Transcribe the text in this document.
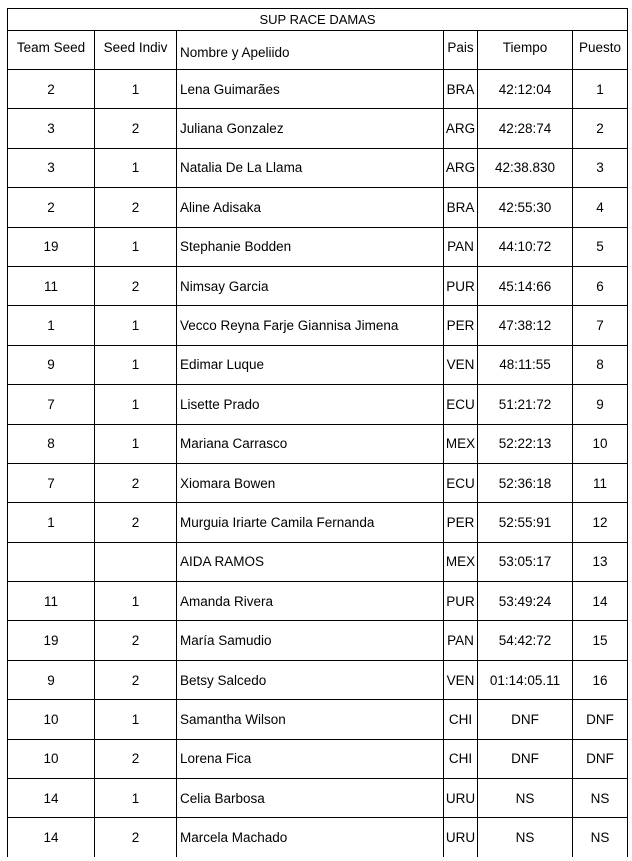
SUP RACE DAMAS					
Team Seed	Seed Indiv	Nombre y Apeliido	Pais	Tiempo	Puesto
2	1	Lena Guimarães	BRA	42:12:04	1
3	2	Juliana Gonzalez	ARG	42:28:74	2
3	1	Natalia De La Llama	ARG	42:38.830	3
2	2	Aline Adisaka	BRA	42:55:30	4
19	1	Stephanie Bodden	PAN	44:10:72	5
11	2	Nimsay Garcia	PUR	45:14:66	6
1	1	Vecco Reyna Farje Giannisa Jimena	PER	47:38:12	7
9	1	Edimar Luque	VEN	48:11:55	8
7	1	Lisette Prado	ECU	51:21:72	9
8	1	Mariana Carrasco	MEX	52:22:13	10
7	2	Xiomara Bowen	ECU	52:36:18	11
1	2	Murguia Iriarte Camila Fernanda	PER	52:55:91	12
		AIDA RAMOS	MEX	53:05:17	13
11	1	Amanda Rivera	PUR	53:49:24	14
19	2	María Samudio	PAN	54:42:72	15
9	2	Betsy Salcedo	VEN	01:14:05.11	16
10	1	Samantha Wilson	CHI	DNF	DNF
10	2	Lorena Fica	CHI	DNF	DNF
14	1	Celia Barbosa	URU	NS	NS
14	2	Marcela Machado	URU	NS	NS
